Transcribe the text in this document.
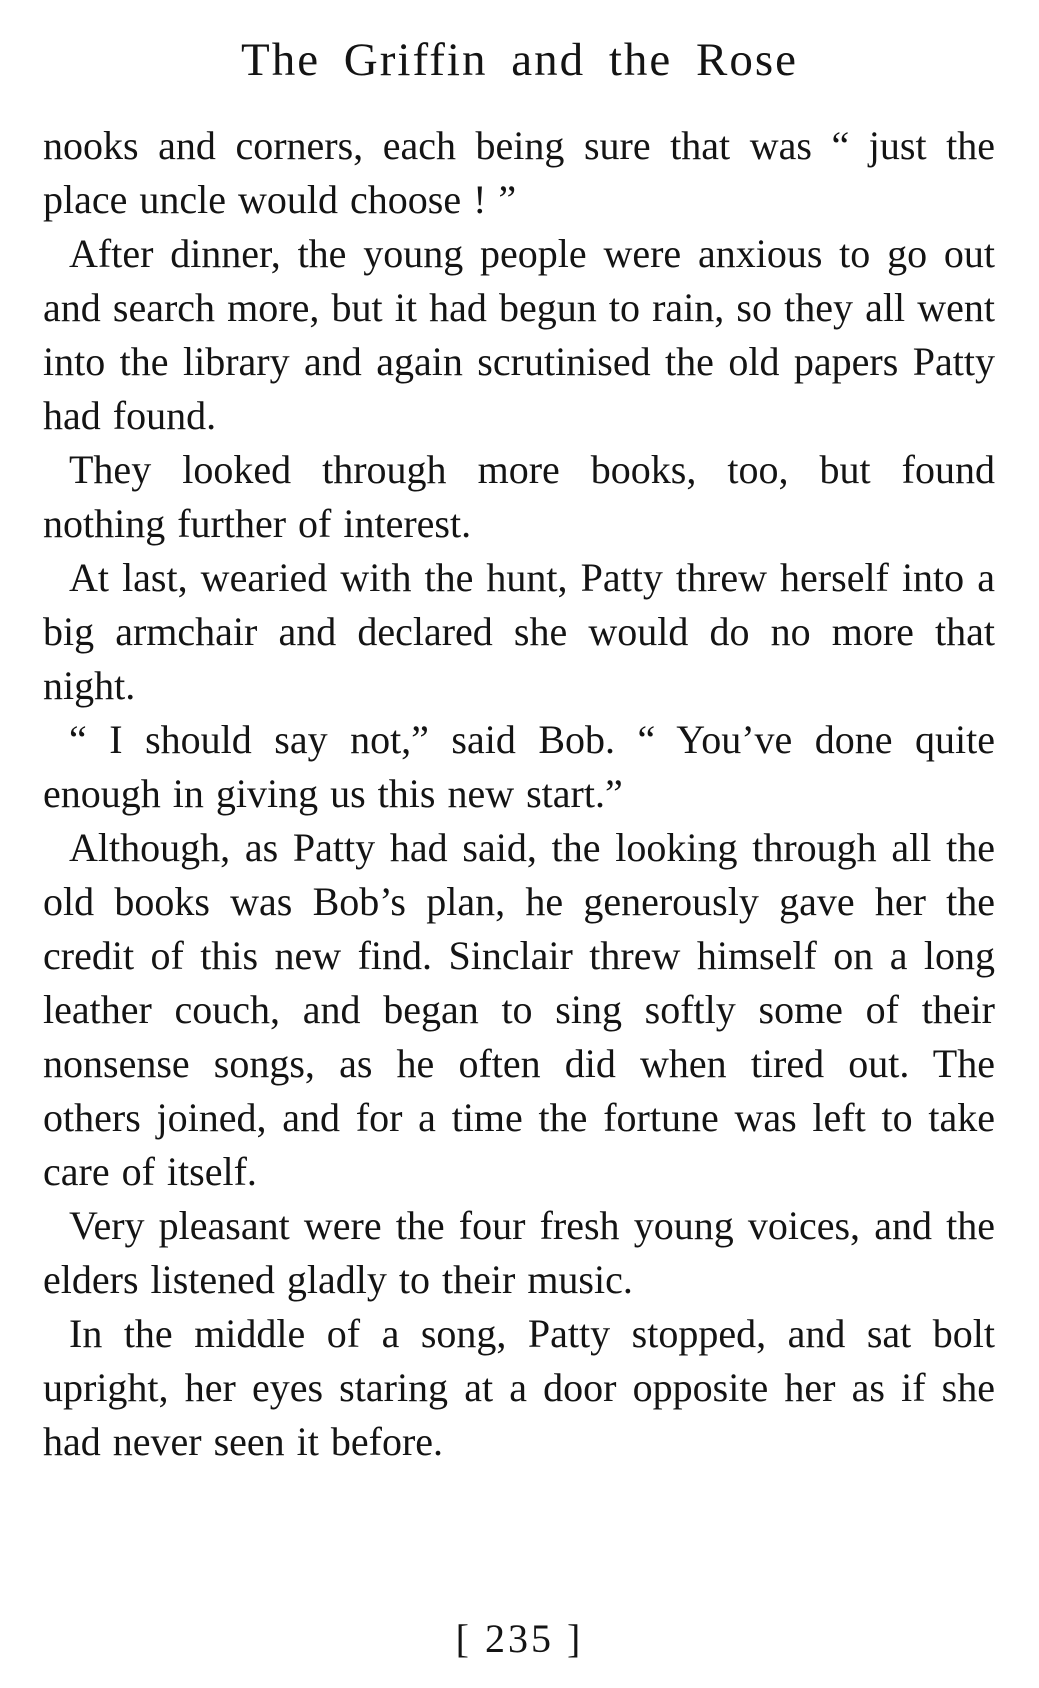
The Griffin and the Rose

nooks and corners, each being sure that was “ just the place uncle would choose ! ”

After dinner, the young people were anxious to go out and search more, but it had begun to rain, so they all went into the library and again scrutinised the old papers Patty had found.

They looked through more books, too, but found nothing further of interest.

At last, wearied with the hunt, Patty threw herself into a big armchair and declared she would do no more that night.

“ I should say not,” said Bob. “ You’ve done quite enough in giving us this new start.”

Although, as Patty had said, the looking through all the old books was Bob’s plan, he generously gave her the credit of this new find. Sinclair threw himself on a long leather couch, and began to sing softly some of their nonsense songs, as he often did when tired out. The others joined, and for a time the fortune was left to take care of itself.

Very pleasant were the four fresh young voices, and the elders listened gladly to their music.

In the middle of a song, Patty stopped, and sat bolt upright, her eyes staring at a door opposite her as if she had never seen it before.

[ 235 ]
